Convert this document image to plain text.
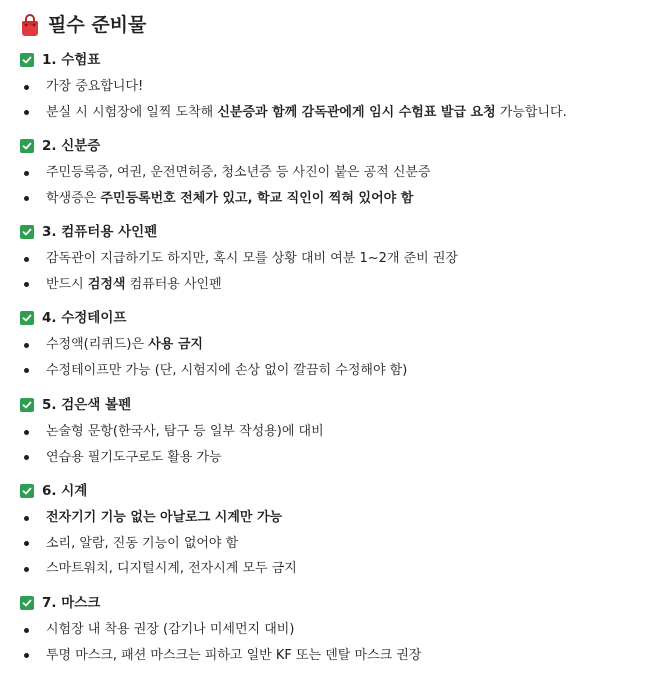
필수 준비물
1. 수험표
가장 중요합니다!
분실 시 시험장에 일찍 도착해 신분증과 함께 감독관에게 임시 수험표 발급 요청 가능합니다.
2. 신분증
주민등록증, 여권, 운전면허증, 청소년증 등 사진이 붙은 공적 신분증
학생증은 주민등록번호 전체가 있고, 학교 직인이 찍혀 있어야 함
3. 컴퓨터용 사인펜
감독관이 지급하기도 하지만, 혹시 모를 상황 대비 여분 1~2개 준비 권장
반드시 검정색 컴퓨터용 사인펜
4. 수정테이프
수정액(리퀴드)은 사용 금지
수정테이프만 가능 (단, 시험지에 손상 없이 깔끔히 수정해야 함)
5. 검은색 볼펜
논술형 문항(한국사, 탐구 등 일부 작성용)에 대비
연습용 필기도구로도 활용 가능
6. 시계
전자기기 기능 없는 아날로그 시계만 가능
소리, 알람, 진동 기능이 없어야 함
스마트워치, 디지털시계, 전자시계 모두 금지
7. 마스크
시험장 내 착용 권장 (감기나 미세먼지 대비)
투명 마스크, 패션 마스크는 피하고 일반 KF 또는 덴탈 마스크 권장
